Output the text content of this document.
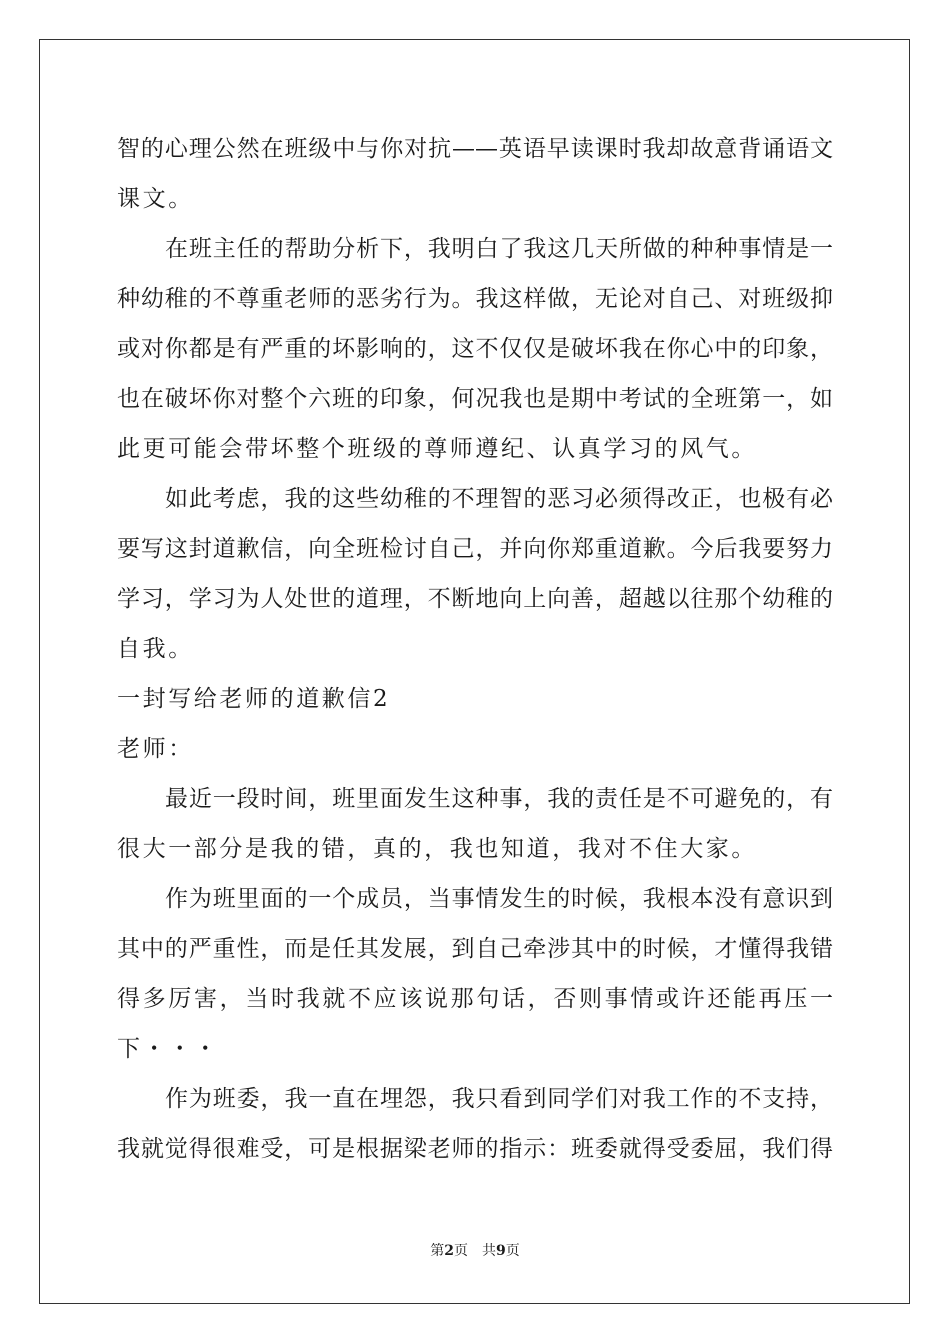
智的心理公然在班级中与你对抗——英语早读课时我却故意背诵语文
课文。
在班主任的帮助分析下，我明白了我这几天所做的种种事情是一
种幼稚的不尊重老师的恶劣行为。我这样做，无论对自己、对班级抑
或对你都是有严重的坏影响的，这不仅仅是破坏我在你心中的印象，
也在破坏你对整个六班的印象，何况我也是期中考试的全班第一，如
此更可能会带坏整个班级的尊师遵纪、认真学习的风气。
如此考虑，我的这些幼稚的不理智的恶习必须得改正，也极有必
要写这封道歉信，向全班检讨自己，并向你郑重道歉。今后我要努力
学习，学习为人处世的道理，不断地向上向善，超越以往那个幼稚的
自我。
一封写给老师的道歉信2
老师：
最近一段时间，班里面发生这种事，我的责任是不可避免的，有
很大一部分是我的错，真的，我也知道，我对不住大家。
作为班里面的一个成员，当事情发生的时候，我根本没有意识到
其中的严重性，而是任其发展，到自己牵涉其中的时候，才懂得我错
得多厉害，当时我就不应该说那句话，否则事情或许还能再压一
下・・・
作为班委，我一直在埋怨，我只看到同学们对我工作的不支持，
我就觉得很难受，可是根据梁老师的指示：班委就得受委屈，我们得
第2页 共9页
